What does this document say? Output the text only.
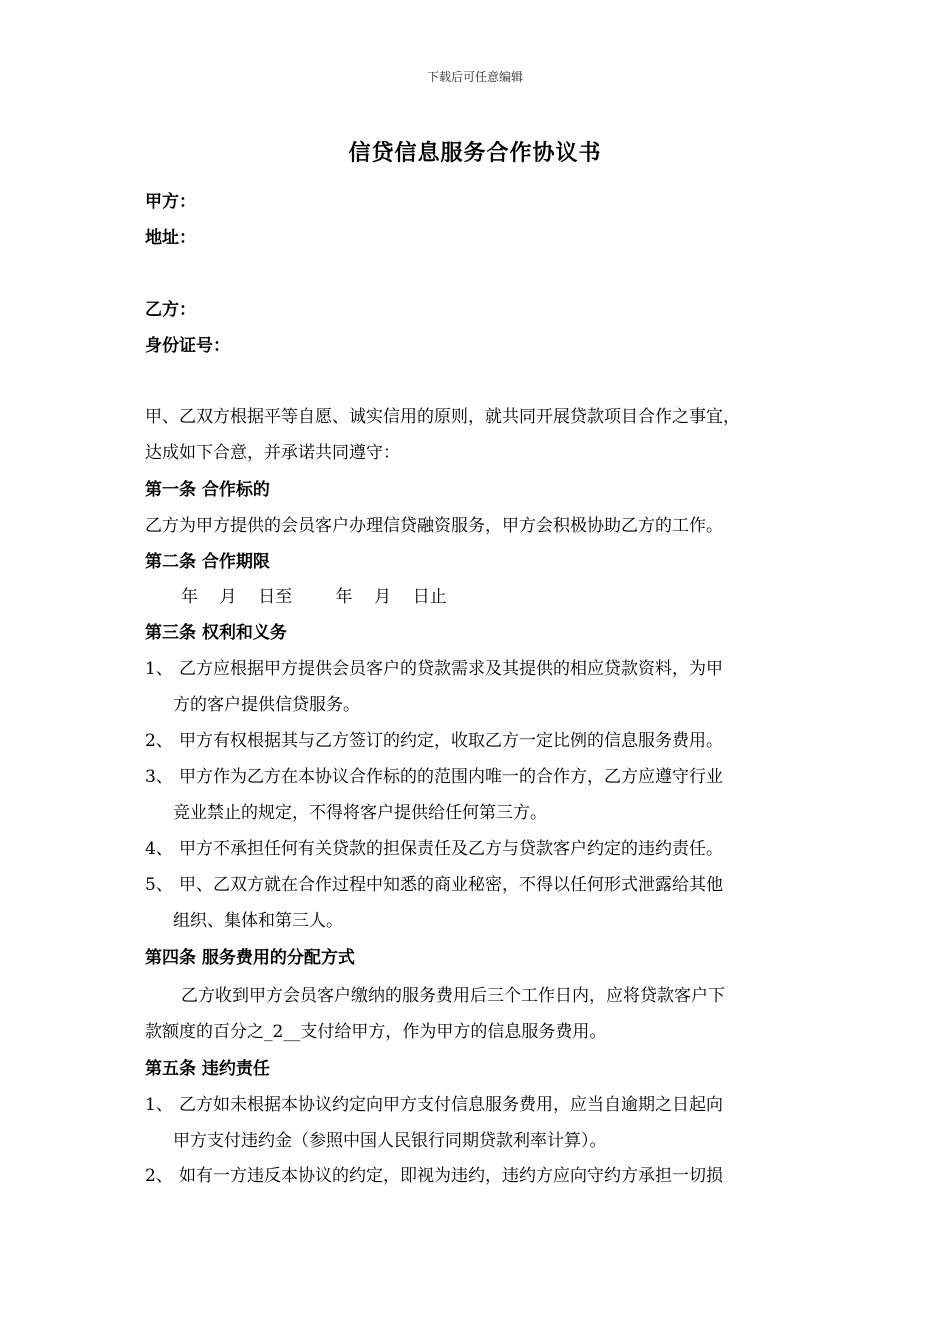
下载后可任意编辑
信贷信息服务合作协议书
甲方：
地址：
乙方：
身份证号：
甲、乙双方根据平等自愿、诚实信用的原则，就共同开展贷款项目合作之事宜，
达成如下合意，并承诺共同遵守：
第一条 合作标的
乙方为甲方提供的会员客户办理信贷融资服务，甲方会积极协助乙方的工作。
第二条 合作期限
年    月    日至        年    月    日止
第三条 权利和义务
1、 乙方应根据甲方提供会员客户的贷款需求及其提供的相应贷款资料，为甲
方的客户提供信贷服务。
2、 甲方有权根据其与乙方签订的约定，收取乙方一定比例的信息服务费用。
3、 甲方作为乙方在本协议合作标的的范围内唯一的合作方，乙方应遵守行业
竞业禁止的规定，不得将客户提供给任何第三方。
4、 甲方不承担任何有关贷款的担保责任及乙方与贷款客户约定的违约责任。
5、 甲、乙双方就在合作过程中知悉的商业秘密，不得以任何形式泄露给其他
组织、集体和第三人。
第四条 服务费用的分配方式
乙方收到甲方会员客户缴纳的服务费用后三个工作日内，应将贷款客户下
款额度的百分之_2__支付给甲方，作为甲方的信息服务费用。
第五条 违约责任
1、 乙方如未根据本协议约定向甲方支付信息服务费用，应当自逾期之日起向
甲方支付违约金（参照中国人民银行同期贷款利率计算）。
2、 如有一方违反本协议的约定，即视为违约，违约方应向守约方承担一切损
